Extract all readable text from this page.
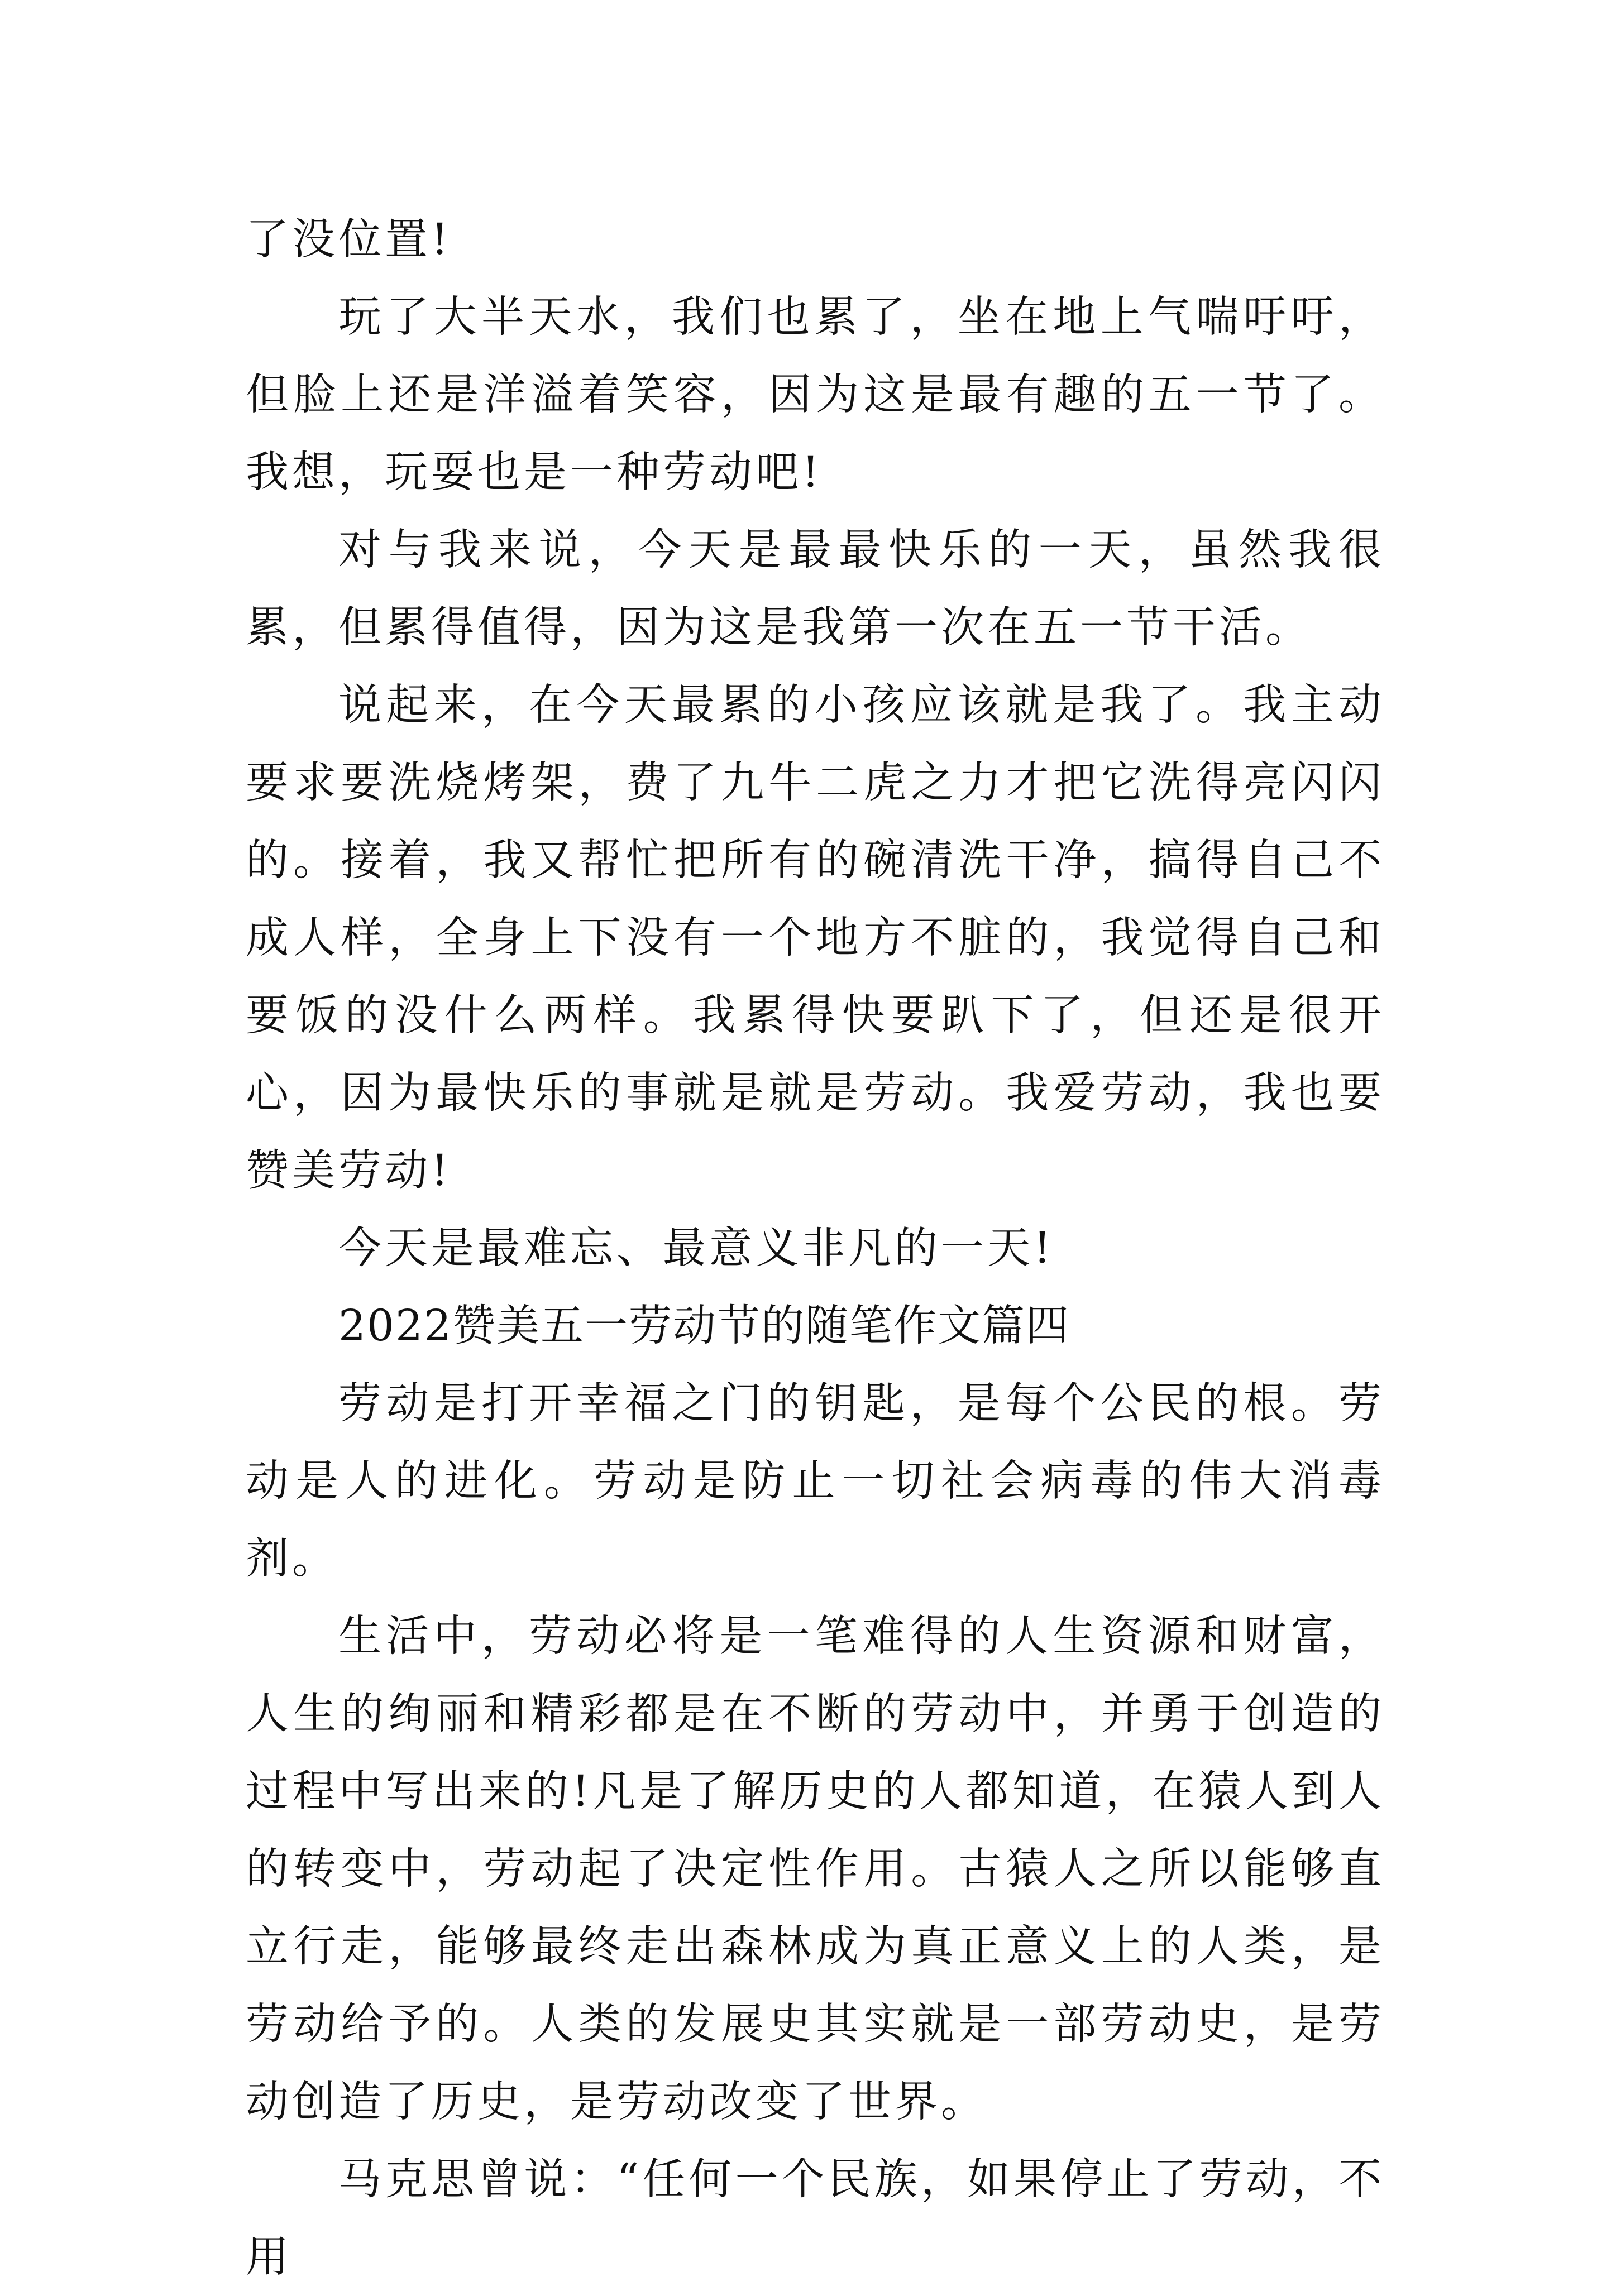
了没位置!

玩了大半天水，我们也累了，坐在地上气喘吁吁，但脸上还是洋溢着笑容，因为这是最有趣的五一节了。我想，玩耍也是一种劳动吧!

对与我来说，今天是最最快乐的一天，虽然我很累，但累得值得，因为这是我第一次在五一节干活。

说起来，在今天最累的小孩应该就是我了。我主动要求要洗烧烤架，费了九牛二虎之力才把它洗得亮闪闪的。接着，我又帮忙把所有的碗清洗干净，搞得自己不成人样，全身上下没有一个地方不脏的，我觉得自己和要饭的没什么两样。我累得快要趴下了，但还是很开心，因为最快乐的事就是就是劳动。我爱劳动，我也要赞美劳动!

今天是最难忘、最意义非凡的一天!

2022赞美五一劳动节的随笔作文篇四

劳动是打开幸福之门的钥匙，是每个公民的根。劳动是人的进化。劳动是防止一切社会病毒的伟大消毒剂。

生活中，劳动必将是一笔难得的人生资源和财富，人生的绚丽和精彩都是在不断的劳动中，并勇于创造的过程中写出来的!凡是了解历史的人都知道，在猿人到人的转变中，劳动起了决定性作用。古猿人之所以能够直立行走，能够最终走出森林成为真正意义上的人类，是劳动给予的。人类的发展史其实就是一部劳动史，是劳动创造了历史，是劳动改变了世界。

马克思曾说：“任何一个民族，如果停止了劳动，不用
